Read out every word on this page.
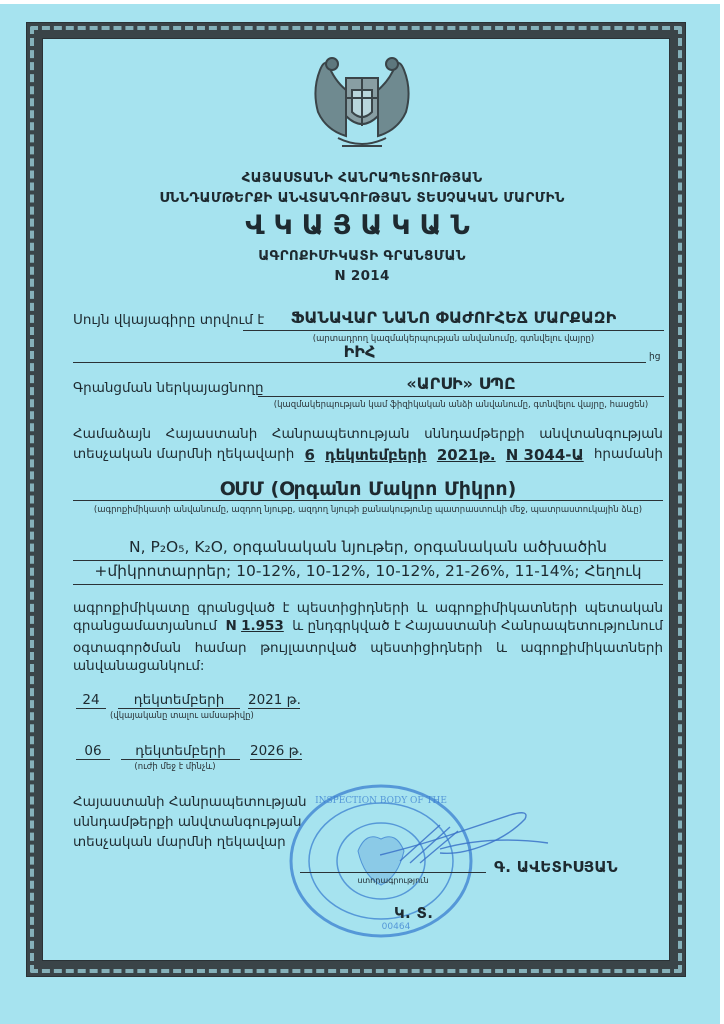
ՀԱՅԱՍՏԱՆԻ ՀԱՆՐԱՊԵՏՈՒԹՅԱՆ
ՍՆՆԴԱՄԹԵՐՔԻ ԱՆՎՏԱՆԳՈՒԹՅԱՆ ՏԵՍՉԱԿԱՆ ՄԱՐՄԻՆ
ՎԿԱՅԱԿԱՆ
ԱԳՐՈՔԻՄԻԿԱՏԻ ԳՐԱՆՑՄԱՆ
N 2014
Սույն վկայագիրը տրվում է	ՖԱՆԱՎԱՐ ՆԱՆՈ ՓԱԺՈՒՀԵՃ ՄԱՐՔԱԶԻ
(արտադրող կազմակերպության անվանումը, գտնվելու վայրը)
ԻԻՀ	ից
Գրանցման ներկայացնողը	«ԱՐՍԻ» ՍՊԸ
(կազմակերպության կամ ֆիզիկական անձի անվանումը, գտնվելու վայրը, հասցեն)
Համաձայն Հայաստանի Հանրապետության սննդամթերքի անվտանգության
տեսչական մարմնի ղեկավարի 6 դեկտեմբերի 2021թ. N 3044-Ա հրամանի
ՕՄՄ (Օրգանո Մակրո Միկրո)
(ագրոքիմիկատի անվանումը, ազդող նյութը, ազդող նյութի քանակությունը պատրաստուկի մեջ, պատրաստուկային ձևը)
N, P₂O₅, K₂O, օրգանական նյութեր, օրգանական ածխածին
+միկրոտարրեր; 10-12%, 10-12%, 10-12%, 21-26%, 11-14%; Հեղուկ
ագրոքիմիկատը գրանցված է պեստիցիդների և ագրոքիմիկատների պետական
գրանցամատյանում N 1.953 և ընդգրկված է Հայաստանի Հանրապետությունում
օգտագործման համար թույլատրված պեստիցիդների և ագրոքիմիկատների
անվանացանկում:
24	դեկտեմբերի	2021 թ.
(վկայականը տալու ամսաթիվը)
06	դեկտեմբերի	2026 թ.
(ուժի մեջ է մինչև)
Հայաստանի Հանրապետության
սննդամթերքի անվտանգության
տեսչական մարմնի ղեկավար
INSPECTION BODY OF THE
00464
ստորագրություն
Գ. ԱՎԵՏԻՍՅԱՆ
Կ. Տ.
